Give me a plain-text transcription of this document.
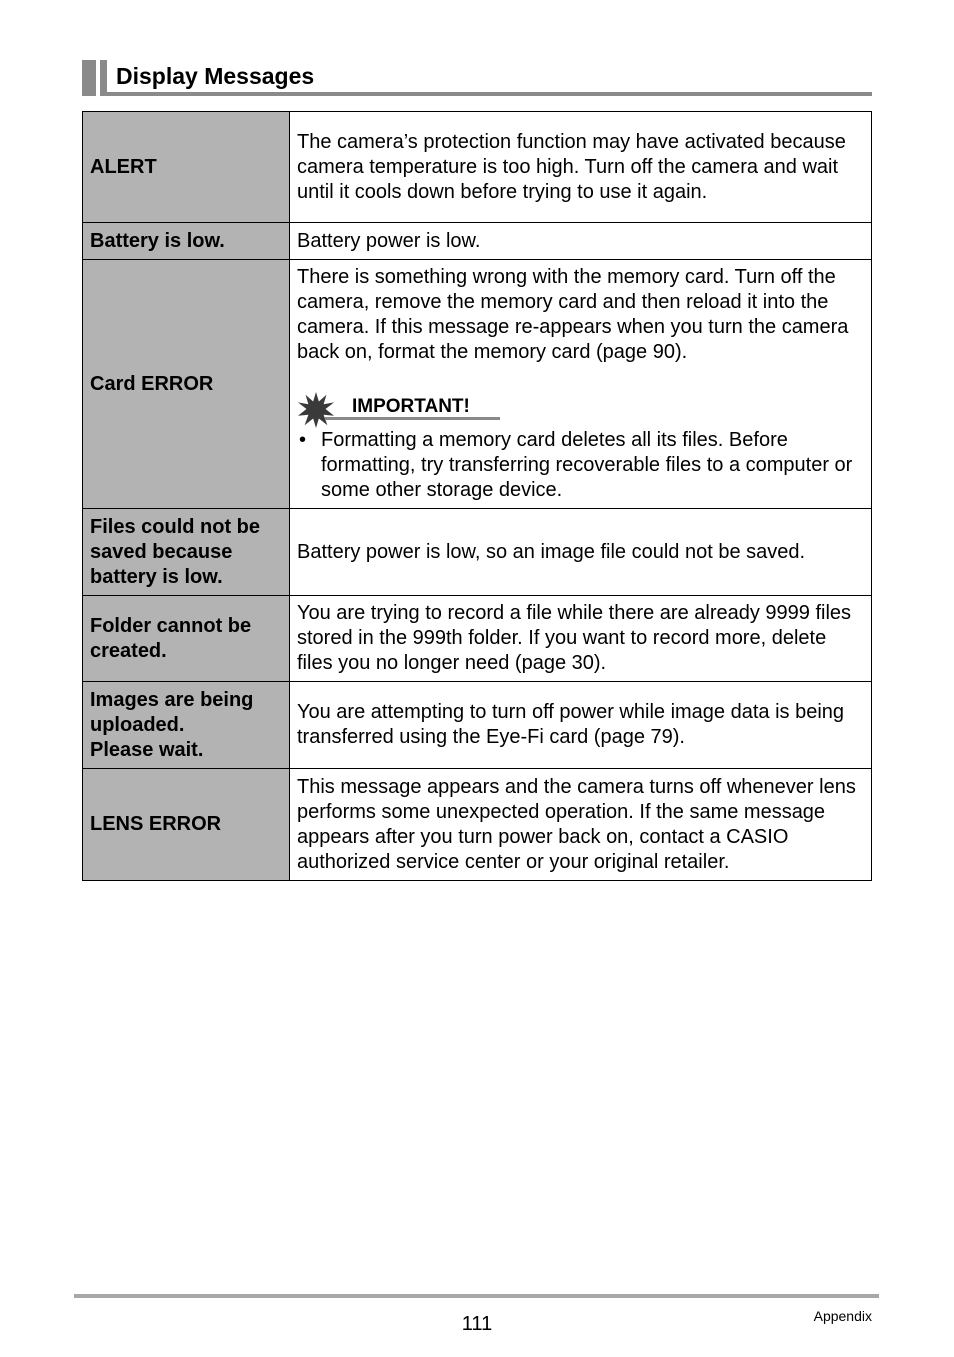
Display Messages
ALERT	The camera’s protection function may have activated because camera temperature is too high. Turn off the camera and wait until it cools down before trying to use it again.
Battery is low.	Battery power is low.
Card ERROR	There is something wrong with the memory card. Turn off the camera, remove the memory card and then reload it into the camera. If this message re-appears when you turn the camera back on, format the memory card (page 90).

IMPORTANT!
• Formatting a memory card deletes all its files. Before formatting, try transferring recoverable files to a computer or some other storage device.

Files could not be saved because battery is low.	Battery power is low, so an image file could not be saved.
Folder cannot be created.	You are trying to record a file while there are already 9999 files stored in the 999th folder. If you want to record more, delete files you no longer need (page 30).
Images are being uploaded.
Please wait.	You are attempting to turn off power while image data is being transferred using the Eye-Fi card (page 79).
LENS ERROR	This message appears and the camera turns off whenever lens performs some unexpected operation. If the same message appears after you turn power back on, contact a CASIO authorized service center or your original retailer.
111	Appendix
